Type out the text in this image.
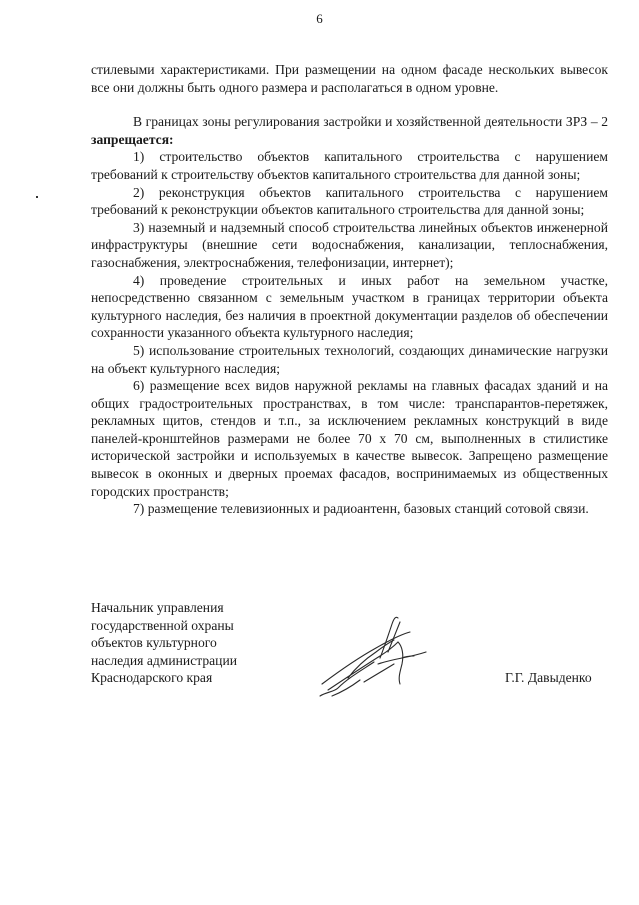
6

стилевыми характеристиками. При размещении на одном фасаде нескольких вывесок все они должны быть одного размера и располагаться в одном уровне.

В границах зоны регулирования застройки и хозяйственной деятельности ЗРЗ – 2 запрещается:

1) строительство объектов капитального строительства с нарушением требований к строительству объектов капитального строительства для данной зоны;

2) реконструкция объектов капитального строительства с нарушением требований к реконструкции объектов капитального строительства для данной зоны;

3) наземный и надземный способ строительства линейных объектов инженерной инфраструктуры (внешние сети водоснабжения, канализации, теплоснабжения, газоснабжения, электроснабжения, телефонизации, интернет);

4) проведение строительных и иных работ на земельном участке, непосредственно связанном с земельным участком в границах территории объекта культурного наследия, без наличия в проектной документации разделов об обеспечении сохранности указанного объекта культурного наследия;

5) использование строительных технологий, создающих динамические нагрузки на объект культурного наследия;

6) размещение всех видов наружной рекламы на главных фасадах зданий и на общих градостроительных пространствах, в том числе: транспарантов-перетяжек, рекламных щитов, стендов и т.п., за исключением рекламных конструкций в виде панелей-кронштейнов размерами не более 70 х 70 см, выполненных в стилистике исторической застройки и используемых в качестве вывесок. Запрещено размещение вывесок в оконных и дверных проемах фасадов, воспринимаемых из общественных городских пространств;

7) размещение телевизионных и радиоантенн, базовых станций сотовой связи.

Начальник управления
государственной охраны
объектов культурного
наследия администрации
Краснодарского края	Г.Г. Давыденко
